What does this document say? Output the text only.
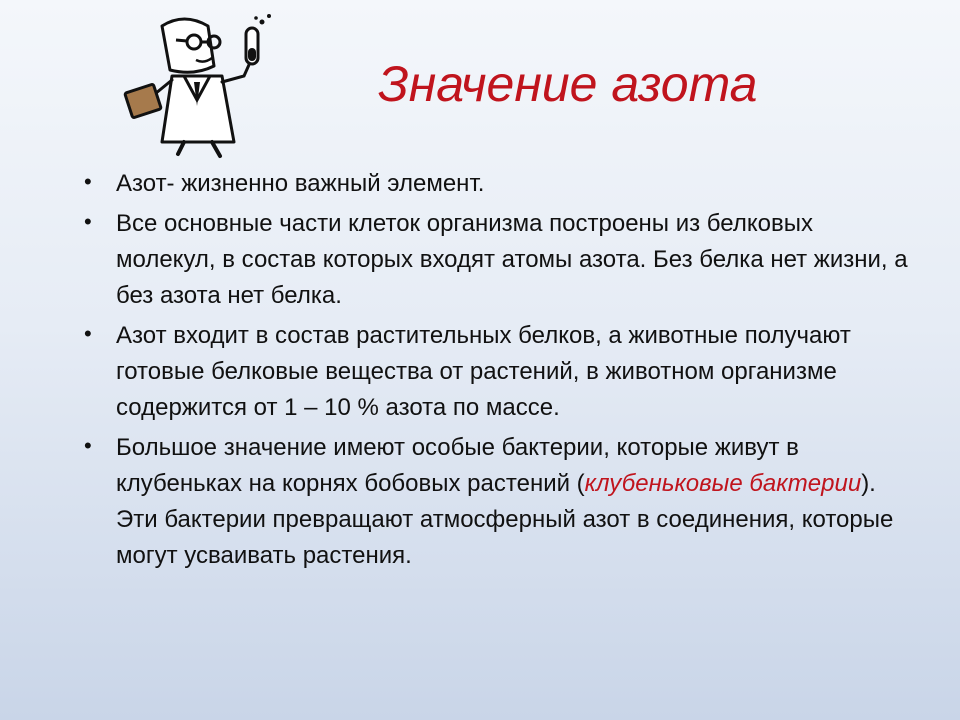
Значение азота
• Азот- жизненно важный элемент.
• Все основные части клеток организма построены из белковых молекул, в состав которых входят атомы азота. Без белка нет жизни, а без азота нет белка.
• Азот входит в состав растительных белков, а животные получают готовые белковые вещества от растений, в животном организме содержится от 1 – 10 % азота по массе.
• Большое значение имеют особые бактерии, которые живут в клубеньках на корнях бобовых растений (клубеньковые бактерии). Эти бактерии превращают атмосферный азот в соединения, которые могут усваивать растения.
